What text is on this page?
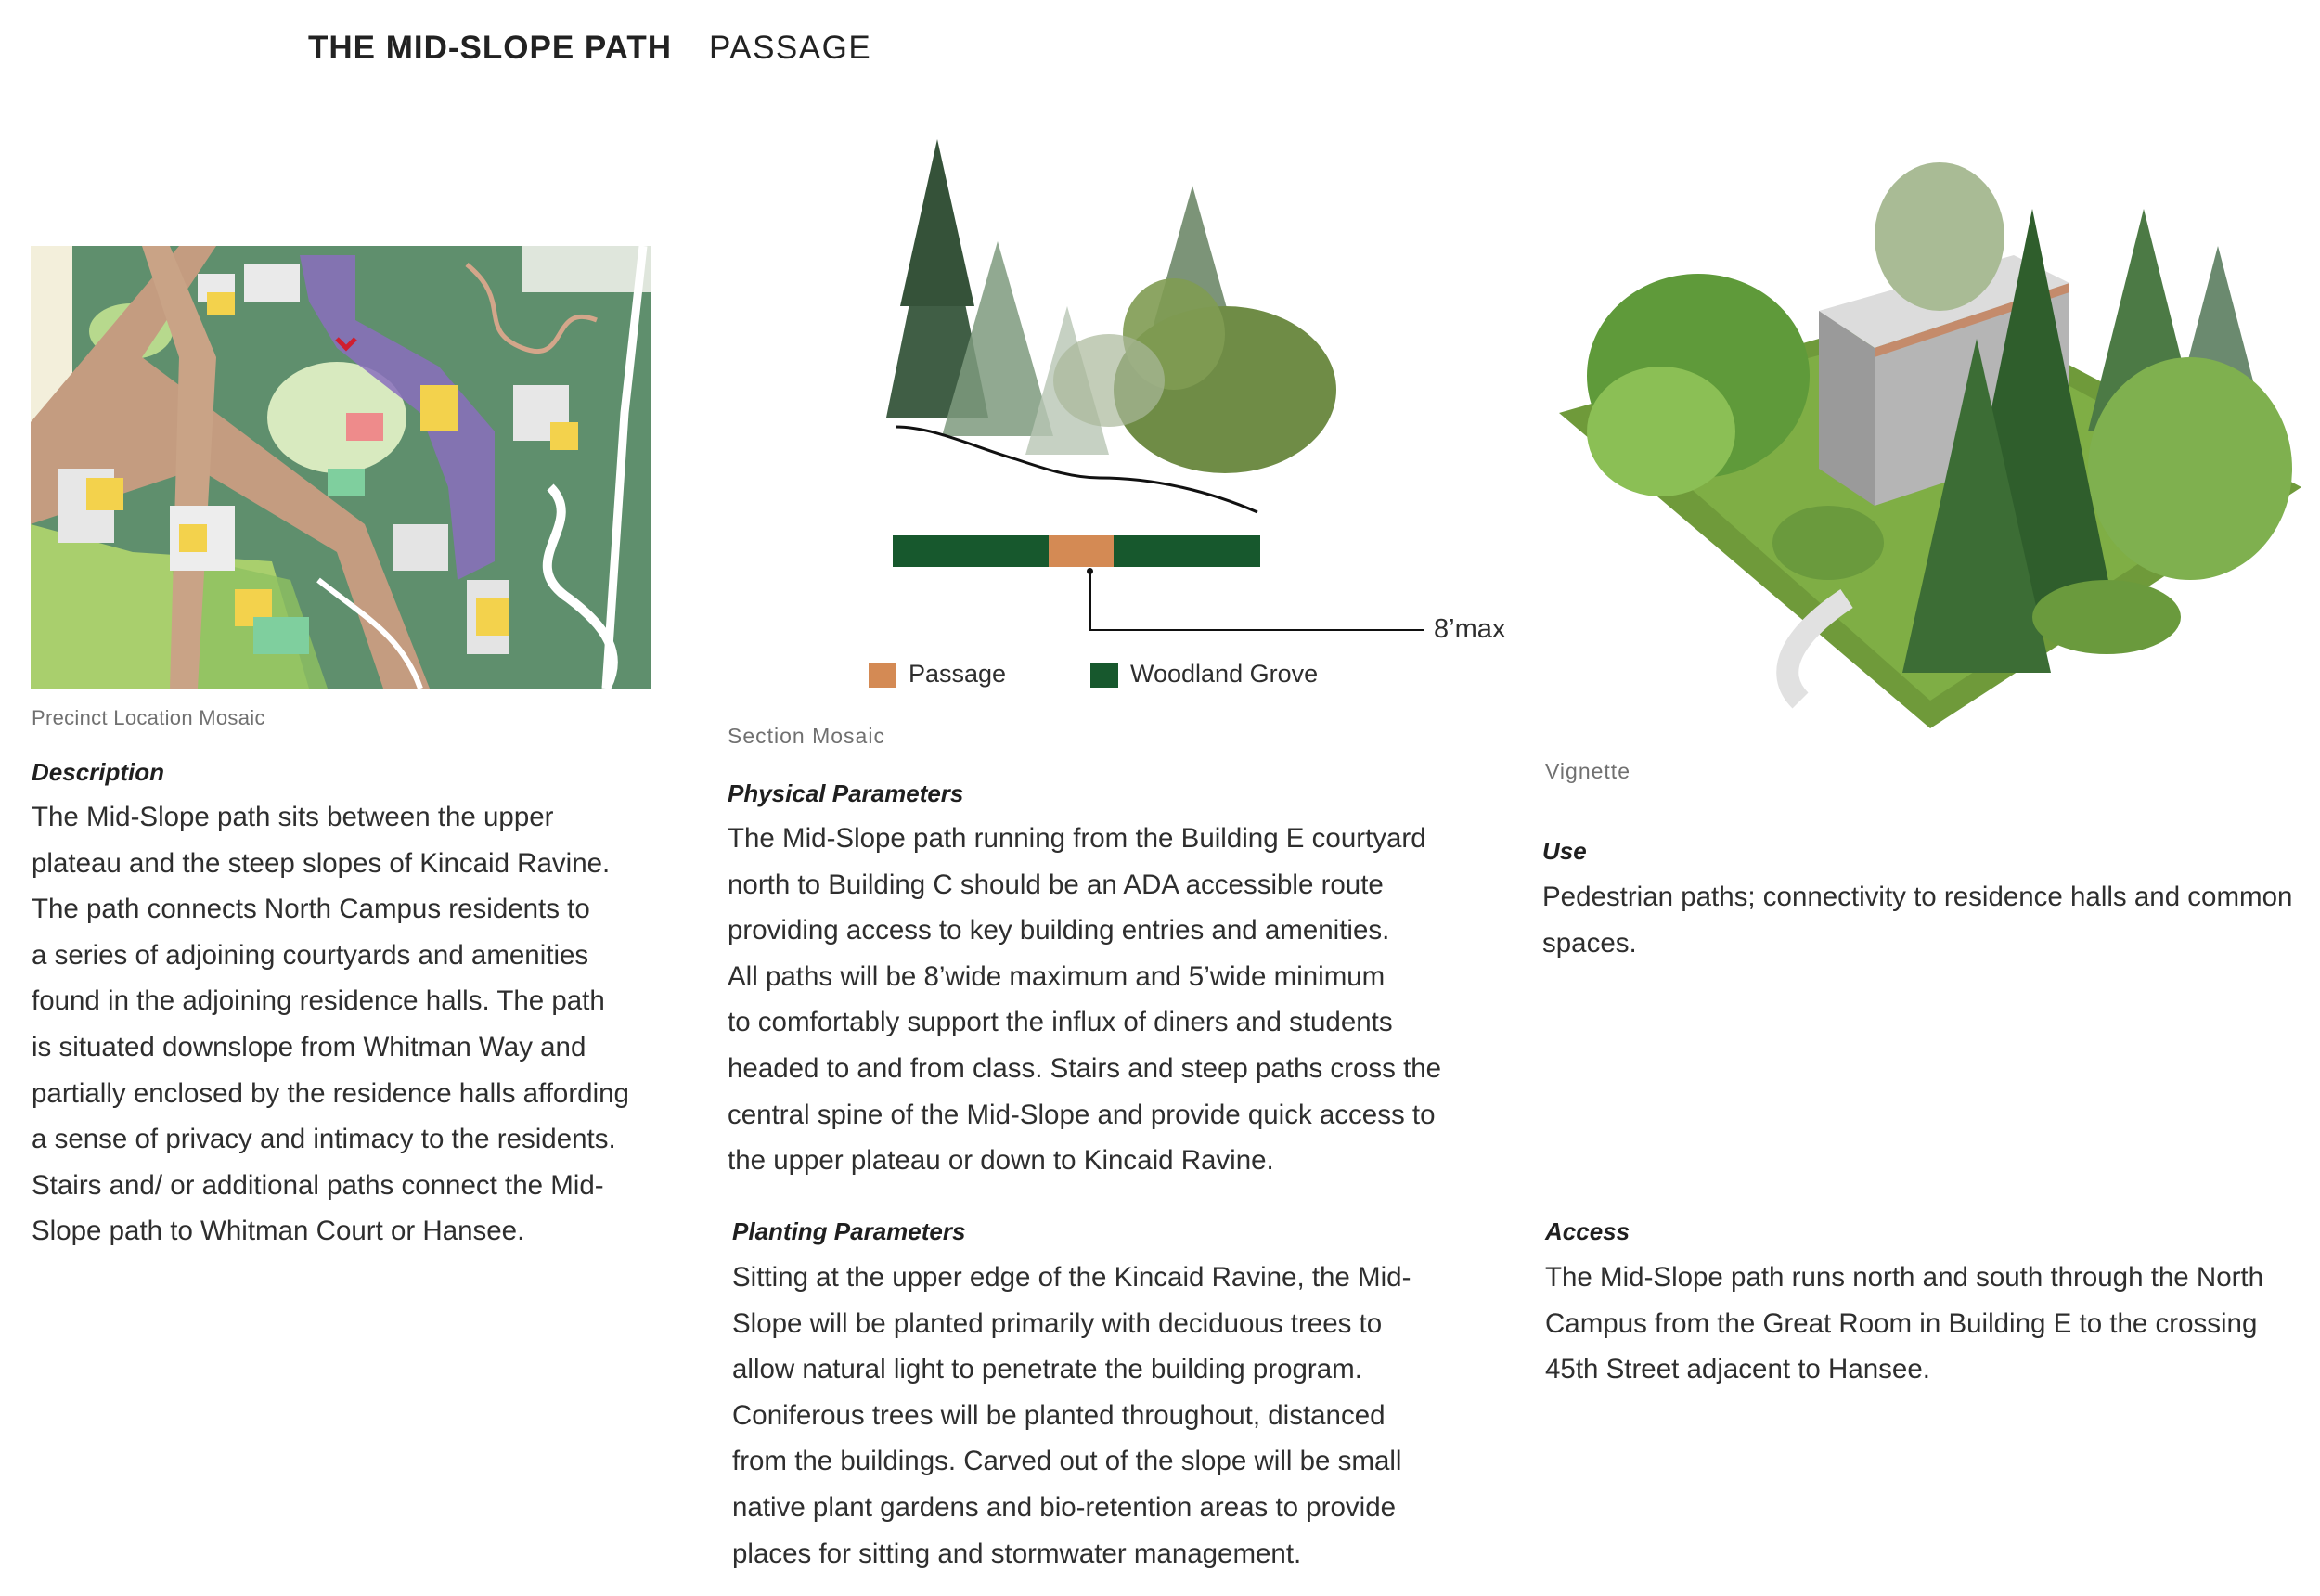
THE MID-SLOPE PATH PASSAGE
Precinct Location Mosaic
8’max
Passage	Woodland Grove
Section Mosaic
Vignette
Description
The Mid-Slope path sits between the upper
plateau and the steep slopes of Kincaid Ravine.
The path connects North Campus residents to
a series of adjoining courtyards and amenities
found in the adjoining residence halls. The path
is situated downslope from Whitman Way and
partially enclosed by the residence halls affording
a sense of privacy and intimacy to the residents.
Stairs and/ or additional paths connect the Mid-
Slope path to Whitman Court or Hansee.
Physical Parameters
The Mid-Slope path running from the Building E courtyard
north to Building C should be an ADA accessible route
providing access to key building entries and amenities.
All paths will be 8’wide maximum and 5’wide minimum
to comfortably support the influx of diners and students
headed to and from class. Stairs and steep paths cross the
central spine of the Mid-Slope and provide quick access to
the upper plateau or down to Kincaid Ravine.
Planting Parameters
Sitting at the upper edge of the Kincaid Ravine, the Mid-
Slope will be planted primarily with deciduous trees to
allow natural light to penetrate the building program.
Coniferous trees will be planted throughout, distanced
from the buildings. Carved out of the slope will be small
native plant gardens and bio-retention areas to provide
places for sitting and stormwater management.
Use
Pedestrian paths; connectivity to residence halls and common
spaces.
Access
The Mid-Slope path runs north and south through the North
Campus from the Great Room in Building E to the crossing
45th Street adjacent to Hansee.
